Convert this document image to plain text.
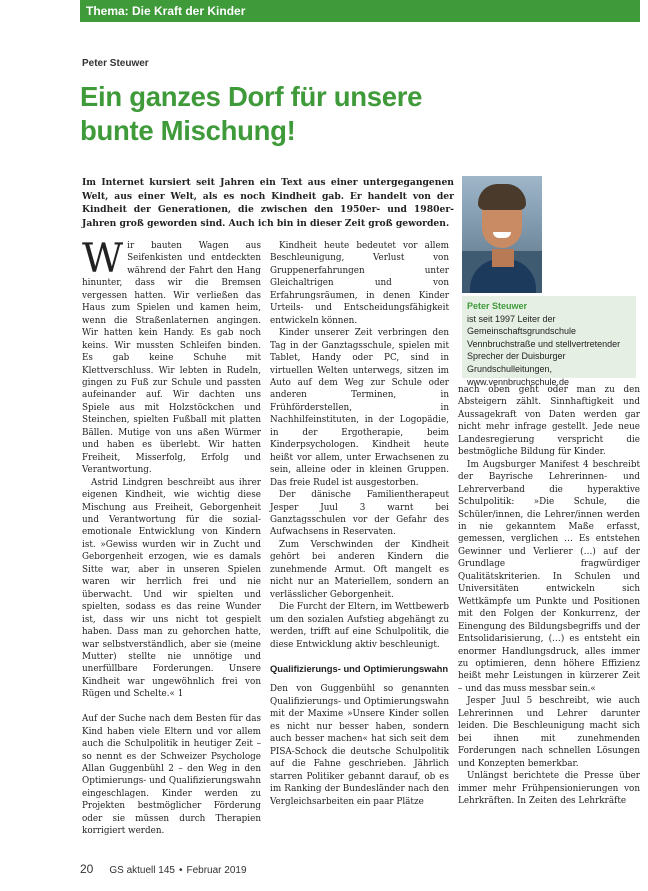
Thema: Die Kraft der Kinder
Peter Steuwer
Ein ganzes Dorf für unsere bunte Mischung!
Im Internet kursiert seit Jahren ein Text aus einer untergegangenen Welt, aus einer Welt, als es noch Kindheit gab. Er handelt von der Kindheit der Generationen, die zwischen den 1950er- und 1980er-Jahren groß geworden sind. Auch ich bin in dieser Zeit groß geworden.
Peter Steuwer
ist seit 1997 Leiter der Gemeinschaftsgrundschule Vennbruchstraße und stellvertretender Sprecher der Duisburger Grundschulleitungen, www.vennbruchschule.de

Wir bauten Wagen aus Seifenkisten und entdeckten während der Fahrt den Hang hinunter, dass wir die Bremsen vergessen hatten. Wir verließen das Haus zum Spielen und kamen heim, wenn die Straßenlaternen angingen. Wir hatten kein Handy. Es gab noch keins. Wir mussten Schleifen binden. Es gab keine Schuhe mit Klettverschluss. Wir lebten in Rudeln, gingen zu Fuß zur Schule und passten aufeinander auf. Wir dachten uns Spiele aus mit Holzstöckchen und Steinchen, spielten Fußball mit platten Bällen. Mutige von uns aßen Würmer und haben es überlebt. Wir hatten Freiheit, Misserfolg, Erfolg und Verantwortung.

Astrid Lindgren beschreibt aus ihrer eigenen Kindheit, wie wichtig diese Mischung aus Freiheit, Geborgenheit und Verantwortung für die sozial-emotionale Entwicklung von Kindern ist. »Gewiss wurden wir in Zucht und Geborgenheit erzogen, wie es damals Sitte war, aber in unseren Spielen waren wir herrlich frei und nie überwacht. Und wir spielten und spielten, sodass es das reine Wunder ist, dass wir uns nicht tot gespielt haben. Dass man zu gehorchen hatte, war selbstverständlich, aber sie (meine Mutter) stellte nie unnötige und unerfüllbare Forderungen. Unsere Kindheit war ungewöhnlich frei von Rügen und Schelte.« 1

Auf der Suche nach dem Besten für das Kind haben viele Eltern und vor allem auch die Schulpolitik in heutiger Zeit – so nennt es der Schweizer Psychologe Allan Guggenbühl 2 – den Weg in den Optimierungs- und Qualifizierungswahn eingeschlagen. Kinder werden zu Projekten bestmöglicher Förderung oder sie müssen durch Therapien korrigiert werden.

Kindheit heute bedeutet vor allem Beschleunigung, Verlust von Gruppenerfahrungen unter Gleichaltrigen und von Erfahrungsräumen, in denen Kinder Urteils- und Entscheidungsfähigkeit entwickeln können.

Kinder unserer Zeit verbringen den Tag in der Ganztagsschule, spielen mit Tablet, Handy oder PC, sind in virtuellen Welten unterwegs, sitzen im Auto auf dem Weg zur Schule oder anderen Terminen, in Frühförderstellen, in Nachhilfeinstituten, in der Logopädie, in der Ergotherapie, beim Kinderpsychologen. Kindheit heute heißt vor allem, unter Erwachsenen zu sein, alleine oder in kleinen Gruppen. Das freie Rudel ist ausgestorben.

Der dänische Familientherapeut Jesper Juul 3 warnt bei Ganztagsschulen vor der Gefahr des Aufwachsens in Reservaten.

Zum Verschwinden der Kindheit gehört bei anderen Kindern die zunehmende Armut. Oft mangelt es nicht nur an Materiellem, sondern an verlässlicher Geborgenheit.

Die Furcht der Eltern, im Wettbewerb um den sozialen Aufstieg abgehängt zu werden, trifft auf eine Schulpolitik, die diese Entwicklung aktiv beschleunigt.

Qualifizierungs- und Optimierungswahn

Den von Guggenbühl so genannten Qualifizierungs- und Optimierungswahn mit der Maxime »Unsere Kinder sollen es nicht nur besser haben, sondern auch besser machen« hat sich seit dem PISA-Schock die deutsche Schulpolitik auf die Fahne geschrieben. Jährlich starren Politiker gebannt darauf, ob es im Ranking der Bundesländer nach den Vergleichsarbeiten ein paar Plätze

nach oben geht oder man zu den Absteigern zählt. Sinnhaftigkeit und Aussagekraft von Daten werden gar nicht mehr infrage gestellt. Jede neue Landesregierung verspricht die bestmögliche Bildung für Kinder.

Im Augsburger Manifest 4 beschreibt der Bayrische Lehrerinnen- und Lehrerverband die hyperaktive Schulpolitik: »Die Schule, die Schüler/innen, die Lehrer/innen werden in nie gekanntem Maße erfasst, gemessen, verglichen … Es entstehen Gewinner und Verlierer (…) auf der Grundlage fragwürdiger Qualitätskriterien. In Schulen und Universitäten entwickeln sich Wettkämpfe um Punkte und Positionen mit den Folgen der Konkurrenz, der Einengung des Bildungsbegriffs und der Entsolidarisierung, (…) es entsteht ein enormer Handlungsdruck, alles immer zu optimieren, denn höhere Effizienz heißt mehr Leistungen in kürzerer Zeit – und das muss messbar sein.«

Jesper Juul 5 beschreibt, wie auch Lehrerinnen und Lehrer darunter leiden. Die Beschleunigung macht sich bei ihnen mit zunehmenden Forderungen nach schnellen Lösungen und Konzepten bemerkbar.

Unlängst berichtete die Presse über immer mehr Frühpensionierungen von Lehrkräften. In Zeiten des Lehrkräfte

20 GS aktuell 145 • Februar 2019
